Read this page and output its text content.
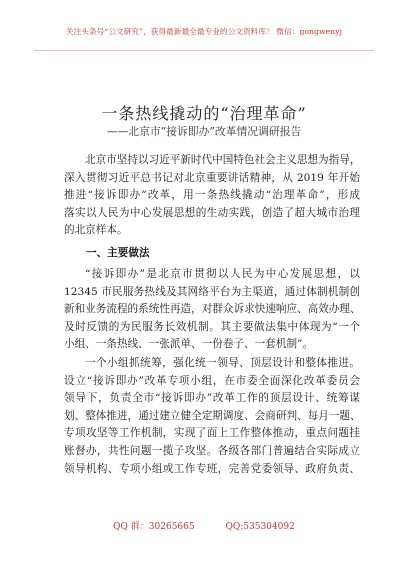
关注头条号“公文研究”，获得最新最全最专业的公文资料库！ 微信：gongwenyj
一条热线撬动的“治理革命”
——北京市“接诉即办”改革情况调研报告
北京市坚持以习近平新时代中国特色社会主义思想为指导，
深入贯彻习近平总书记对北京重要讲话精神，从 2019 年开始
推进“接诉即办”改革，用一条热线撬动“治理革命”，形成
落实以人民为中心发展思想的生动实践，创造了超大城市治理
的北京样本。
一、主要做法
“接诉即办”是北京市贯彻以人民为中心发展思想，以
12345 市民服务热线及其网络平台为主渠道，通过体制机制创
新和业务流程的系统性再造，对群众诉求快速响应、高效办理、
及时反馈的为民服务长效机制。其主要做法集中体现为“一个
小组、一条热线、一张派单、一份卷子、一套机制”。
一个小组抓统筹，强化统一领导、顶层设计和整体推进。
设立“接诉即办”改革专项小组，在市委全面深化改革委员会
领导下，负责全市“接诉即办”改革工作的顶层设计、统筹谋
划、整体推进，通过建立健全定期调度、会商研判、每月一题、
专项攻坚等工作机制，实现了面上工作整体推动，重点问题挂
账督办，共性问题一揽子攻坚。各级各部门普遍结合实际成立
领导机构、专项小组或工作专班，完善党委领导、政府负责、
QQ 群：30265665	QQ:535304092
